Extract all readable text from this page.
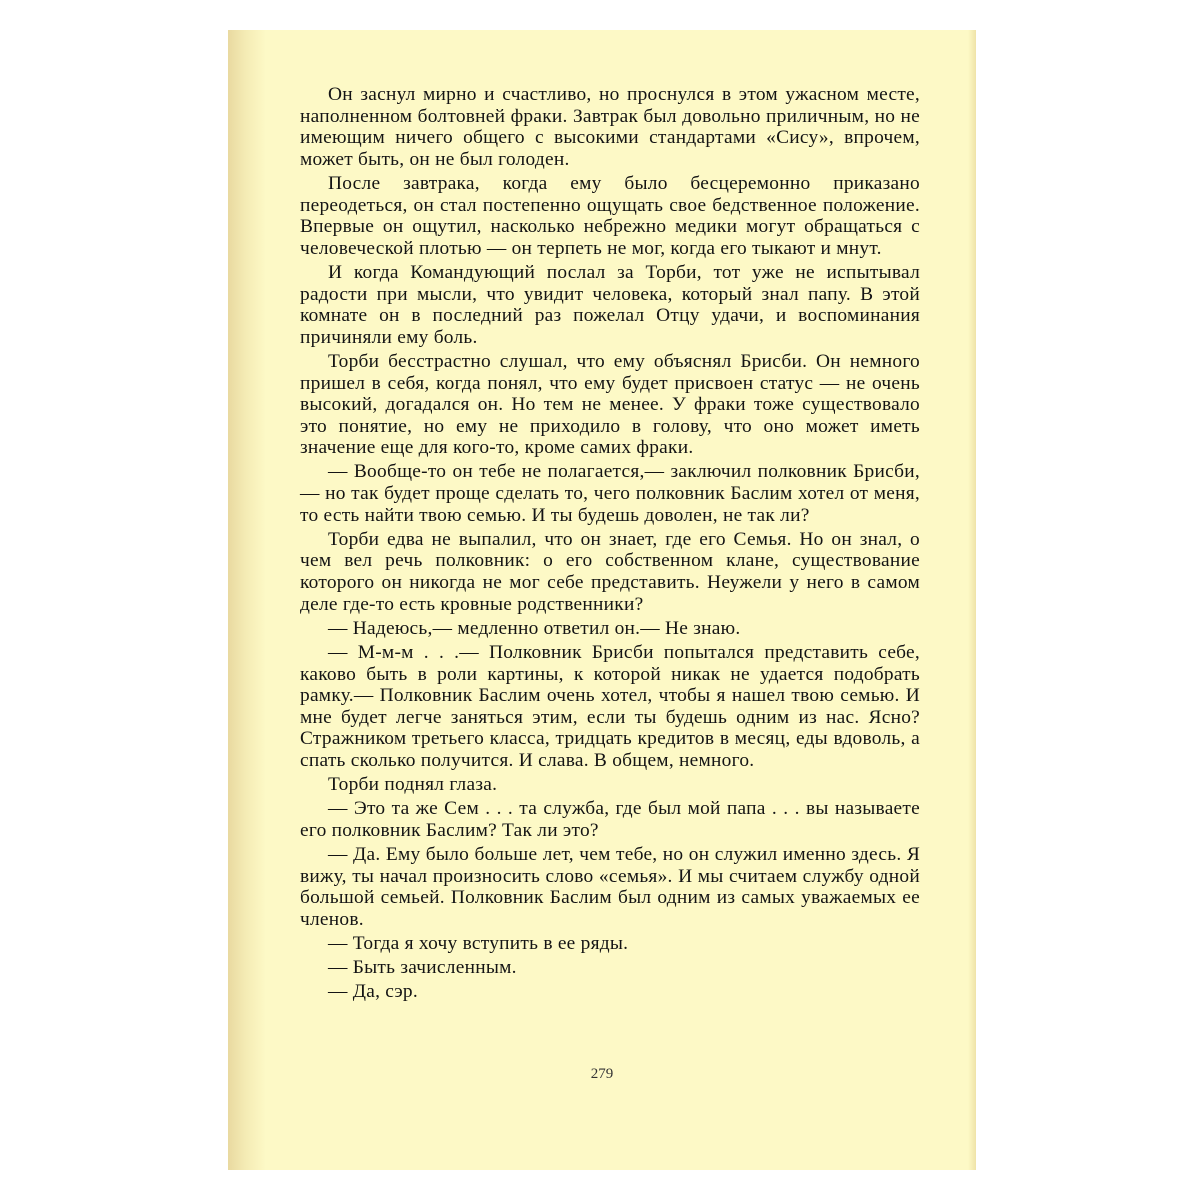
Он заснул мирно и счастливо, но проснулся в этом ужасном месте, наполненном болтовней фраки. Завтрак был довольно приличным, но не имеющим ничего общего с высокими стандартами «Сису», впрочем, может быть, он не был голоден.

После завтрака, когда ему было бесцеремонно приказано переодеться, он стал постепенно ощущать свое бедственное положение. Впервые он ощутил, насколько небрежно медики могут обращаться с человеческой плотью — он терпеть не мог, когда его тыкают и мнут.

И когда Командующий послал за Торби, тот уже не испытывал радости при мысли, что увидит человека, который знал папу. В этой комнате он в последний раз пожелал Отцу удачи, и воспоминания причиняли ему боль.

Торби бесстрастно слушал, что ему объяснял Брисби. Он немного пришел в себя, когда понял, что ему будет присвоен статус — не очень высокий, догадался он. Но тем не менее. У фраки тоже существовало это понятие, но ему не приходило в голову, что оно может иметь значение еще для кого-то, кроме самих фраки.

— Вообще-то он тебе не полагается,— заключил полковник Брисби,— но так будет проще сделать то, чего полковник Баслим хотел от меня, то есть найти твою семью. И ты будешь доволен, не так ли?

Торби едва не выпалил, что он знает, где его Семья. Но он знал, о чем вел речь полковник: о его собственном клане, существование которого он никогда не мог себе представить. Неужели у него в самом деле где-то есть кровные родственники?

— Надеюсь,— медленно ответил он.— Не знаю.

— М-м-м . . .— Полковник Брисби попытался представить себе, каково быть в роли картины, к которой никак не удается подобрать рамку.— Полковник Баслим очень хотел, чтобы я нашел твою семью. И мне будет легче заняться этим, если ты будешь одним из нас. Ясно? Стражником третьего класса, тридцать кредитов в месяц, еды вдоволь, а спать сколько получится. И слава. В общем, немного.

Торби поднял глаза.

— Это та же Сем . . . та служба, где был мой папа . . . вы называете его полковник Баслим? Так ли это?

— Да. Ему было больше лет, чем тебе, но он служил именно здесь. Я вижу, ты начал произносить слово «семья». И мы считаем службу одной большой семьей. Полковник Баслим был одним из самых уважаемых ее членов.

— Тогда я хочу вступить в ее ряды.

— Быть зачисленным.

— Да, сэр.

279
